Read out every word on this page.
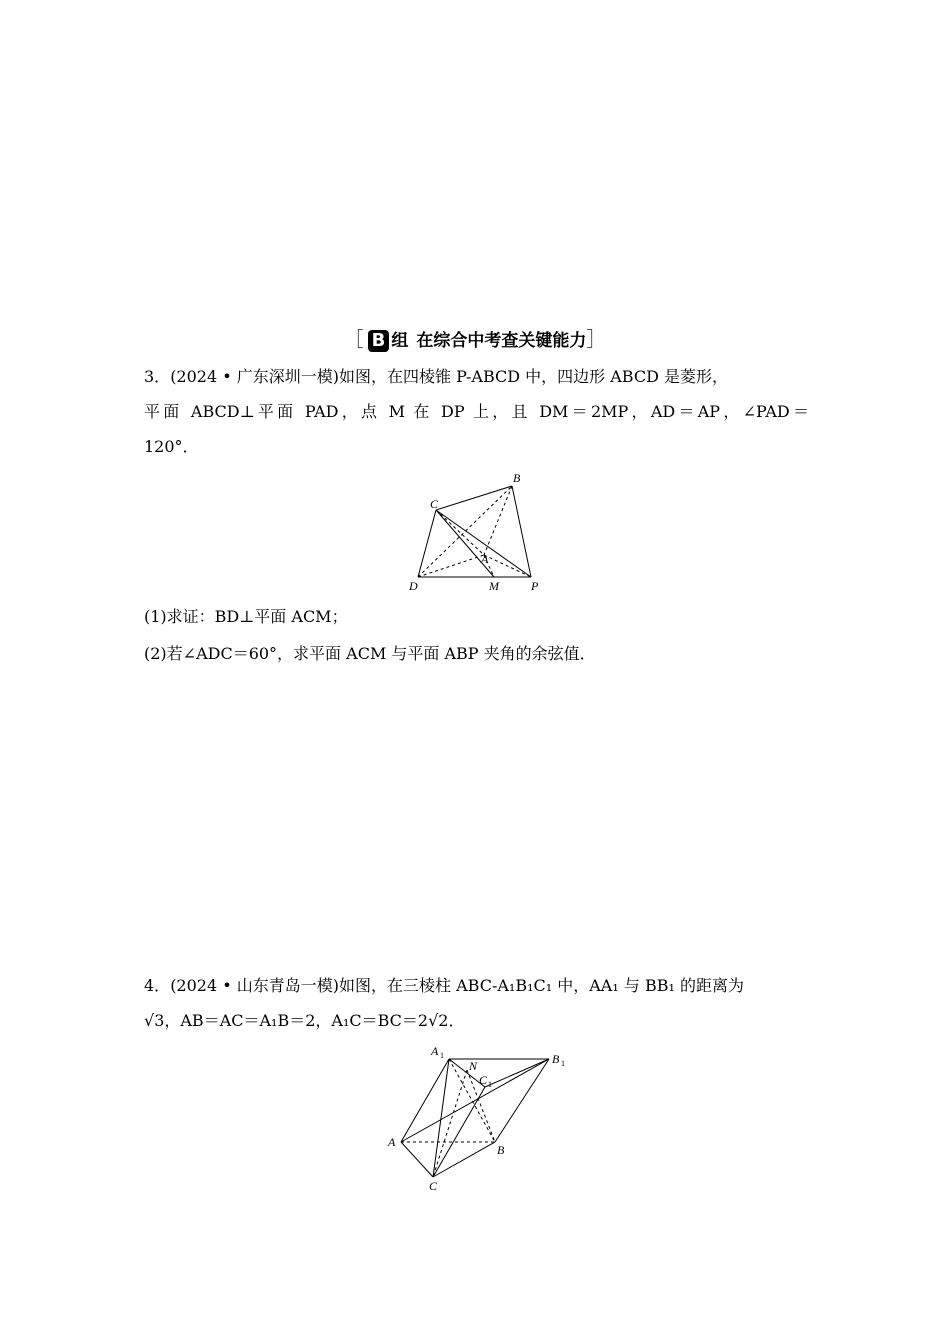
［ B 组 在综合中考查关键能力］
3．(2024 • 广东深圳一模)如图，在四棱锥 P-ABCD 中，四边形 ABCD 是菱形，
平面 ABCD⊥平面 PAD，点 M 在 DP 上，且 DM＝2MP，AD＝AP，∠PAD＝
120°．
B
C
D	M	P
A
(1)求证：BD⊥平面 ACM；
(2)若∠ADC＝60°，求平面 ACM 与平面 ABP 夹角的余弦值．
4．(2024 • 山东青岛一模)如图，在三棱柱 ABC-A₁B₁C₁ 中，AA₁ 与 BB₁ 的距离为
√3，AB＝AC＝A₁B＝2，A₁C＝BC＝2√2．
A 1	B 1
C 1
N
A
B
C
